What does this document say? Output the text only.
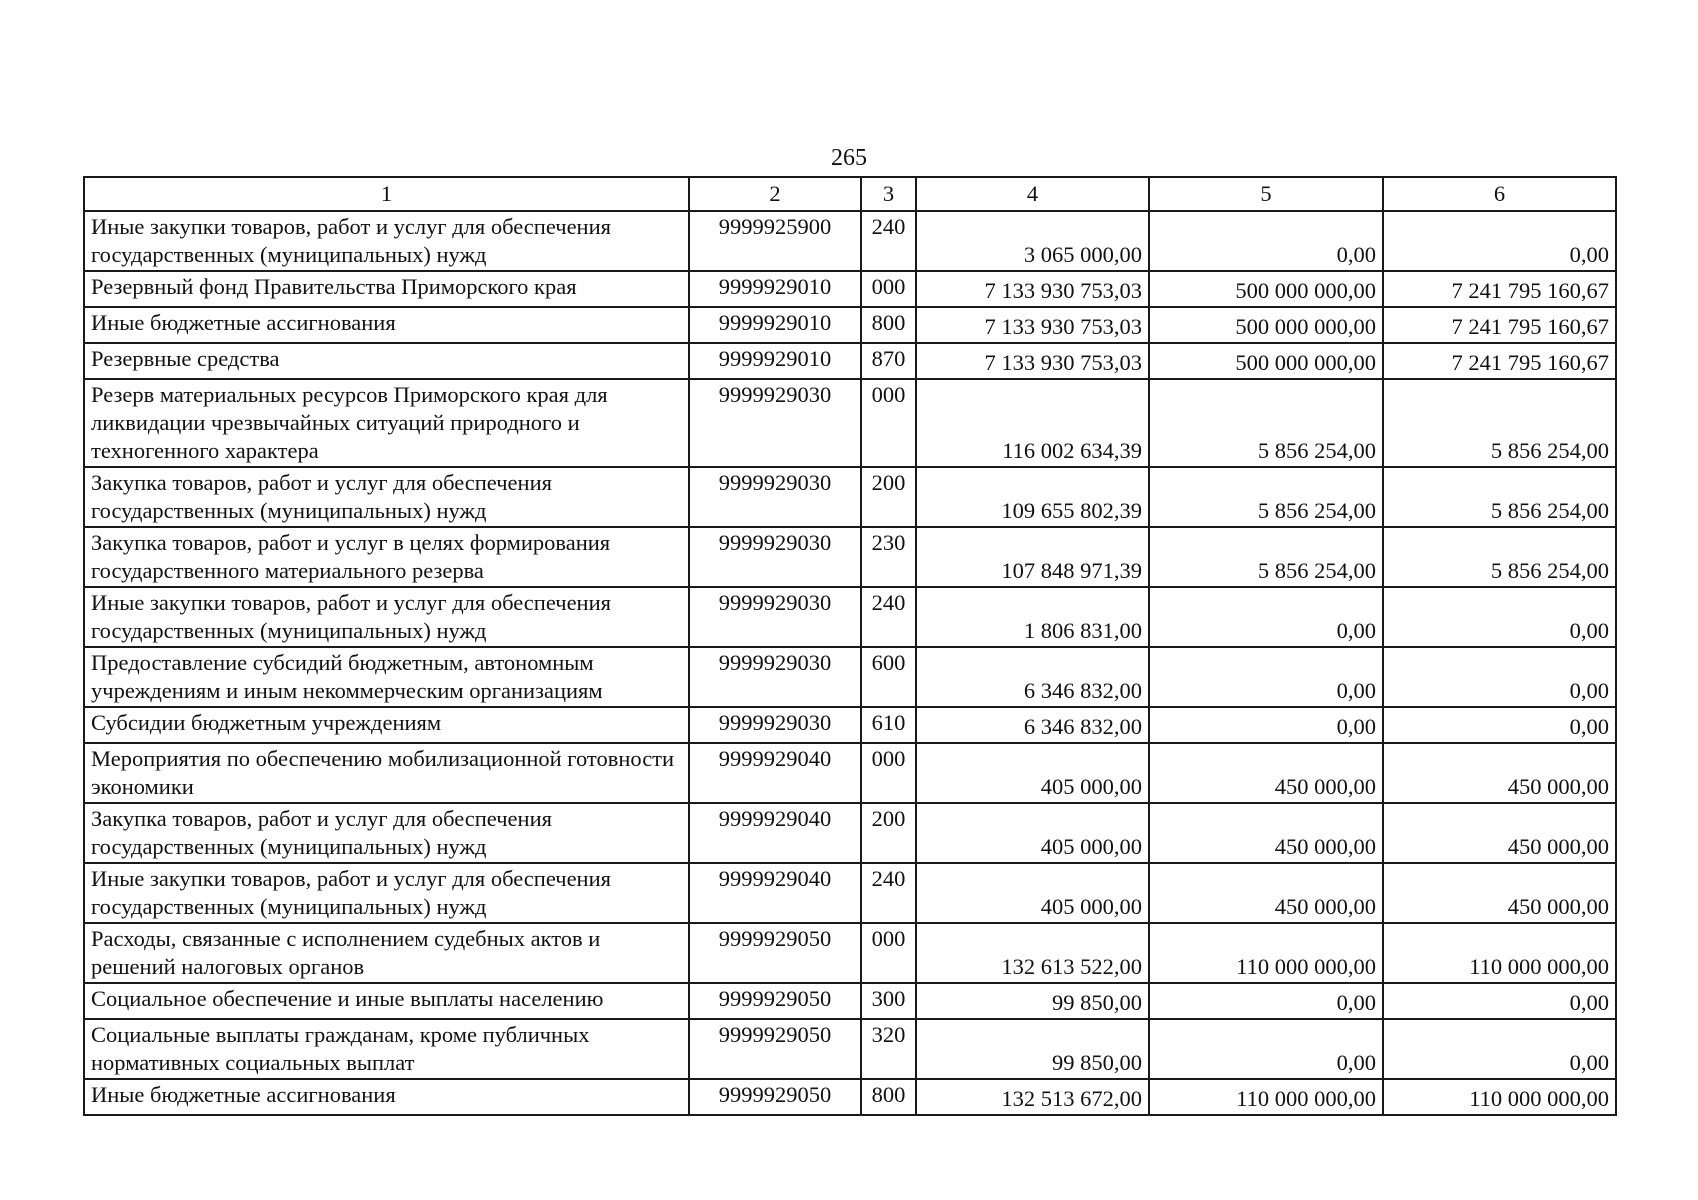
265
1	2	3	4	5	6
Иные закупки товаров, работ и услуг для обеспечения государственных (муниципальных) нужд	9999925900	240	3 065 000,00	0,00	0,00
Резервный фонд Правительства Приморского края	9999929010	000	7 133 930 753,03	500 000 000,00	7 241 795 160,67
Иные бюджетные ассигнования	9999929010	800	7 133 930 753,03	500 000 000,00	7 241 795 160,67
Резервные средства	9999929010	870	7 133 930 753,03	500 000 000,00	7 241 795 160,67
Резерв материальных ресурсов Приморского края для ликвидации чрезвычайных ситуаций природного и техногенного характера	9999929030	000	116 002 634,39	5 856 254,00	5 856 254,00
Закупка товаров, работ и услуг для обеспечения государственных (муниципальных) нужд	9999929030	200	109 655 802,39	5 856 254,00	5 856 254,00
Закупка товаров, работ и услуг в целях формирования государственного материального резерва	9999929030	230	107 848 971,39	5 856 254,00	5 856 254,00
Иные закупки товаров, работ и услуг для обеспечения государственных (муниципальных) нужд	9999929030	240	1 806 831,00	0,00	0,00
Предоставление субсидий бюджетным, автономным учреждениям и иным некоммерческим организациям	9999929030	600	6 346 832,00	0,00	0,00
Субсидии бюджетным учреждениям	9999929030	610	6 346 832,00	0,00	0,00
Мероприятия по обеспечению мобилизационной готовности экономики	9999929040	000	405 000,00	450 000,00	450 000,00
Закупка товаров, работ и услуг для обеспечения государственных (муниципальных) нужд	9999929040	200	405 000,00	450 000,00	450 000,00
Иные закупки товаров, работ и услуг для обеспечения государственных (муниципальных) нужд	9999929040	240	405 000,00	450 000,00	450 000,00
Расходы, связанные с исполнением судебных актов и решений налоговых органов	9999929050	000	132 613 522,00	110 000 000,00	110 000 000,00
Социальное обеспечение и иные выплаты населению	9999929050	300	99 850,00	0,00	0,00
Социальные выплаты гражданам, кроме публичных нормативных социальных выплат	9999929050	320	99 850,00	0,00	0,00
Иные бюджетные ассигнования	9999929050	800	132 513 672,00	110 000 000,00	110 000 000,00
